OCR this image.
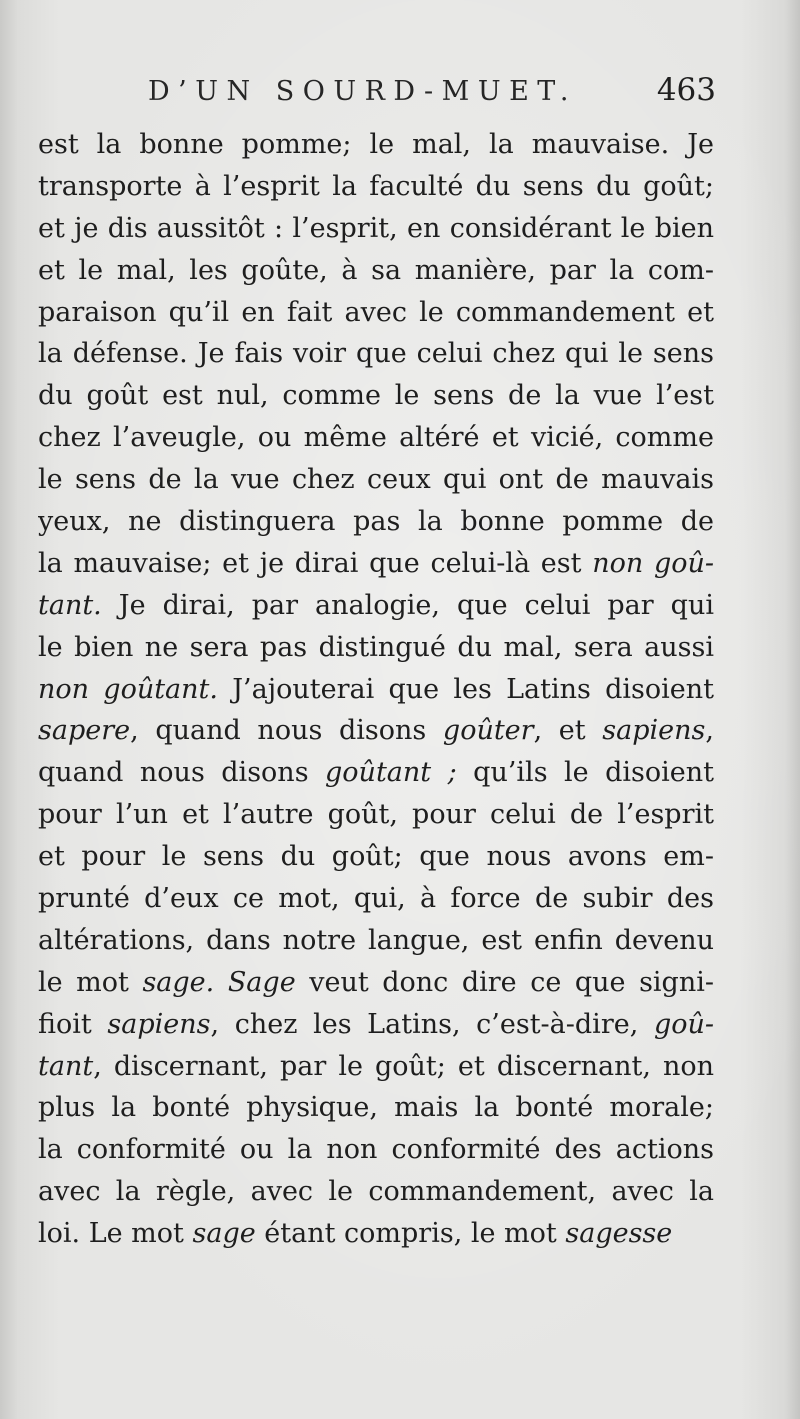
D’UN SOURD-MUET.	463
est la bonne pomme; le mal, la mauvaise. Je
transporte à l’esprit la faculté du sens du goût;
et je dis aussitôt : l’esprit, en considérant le bien
et le mal, les goûte, à sa manière, par la com-
paraison qu’il en fait avec le commandement et
la défense. Je fais voir que celui chez qui le sens
du goût est nul, comme le sens de la vue l’est
chez l’aveugle, ou même altéré et vicié, comme
le sens de la vue chez ceux qui ont de mauvais
yeux, ne distinguera pas la bonne pomme de
la mauvaise; et je dirai que celui-là est non goû-
tant. Je dirai, par analogie, que celui par qui
le bien ne sera pas distingué du mal, sera aussi
non goûtant. J’ajouterai que les Latins disoient
sapere, quand nous disons goûter, et sapiens,
quand nous disons goûtant ; qu’ils le disoient
pour l’un et l’autre goût, pour celui de l’esprit
et pour le sens du goût; que nous avons em-
prunté d’eux ce mot, qui, à force de subir des
altérations, dans notre langue, est enfin devenu
le mot sage. Sage veut donc dire ce que signi-
fioit sapiens, chez les Latins, c’est-à-dire, goû-
tant, discernant, par le goût; et discernant, non
plus la bonté physique, mais la bonté morale;
la conformité ou la non conformité des actions
avec la règle, avec le commandement, avec la
loi. Le mot sage étant compris, le mot sagesse
